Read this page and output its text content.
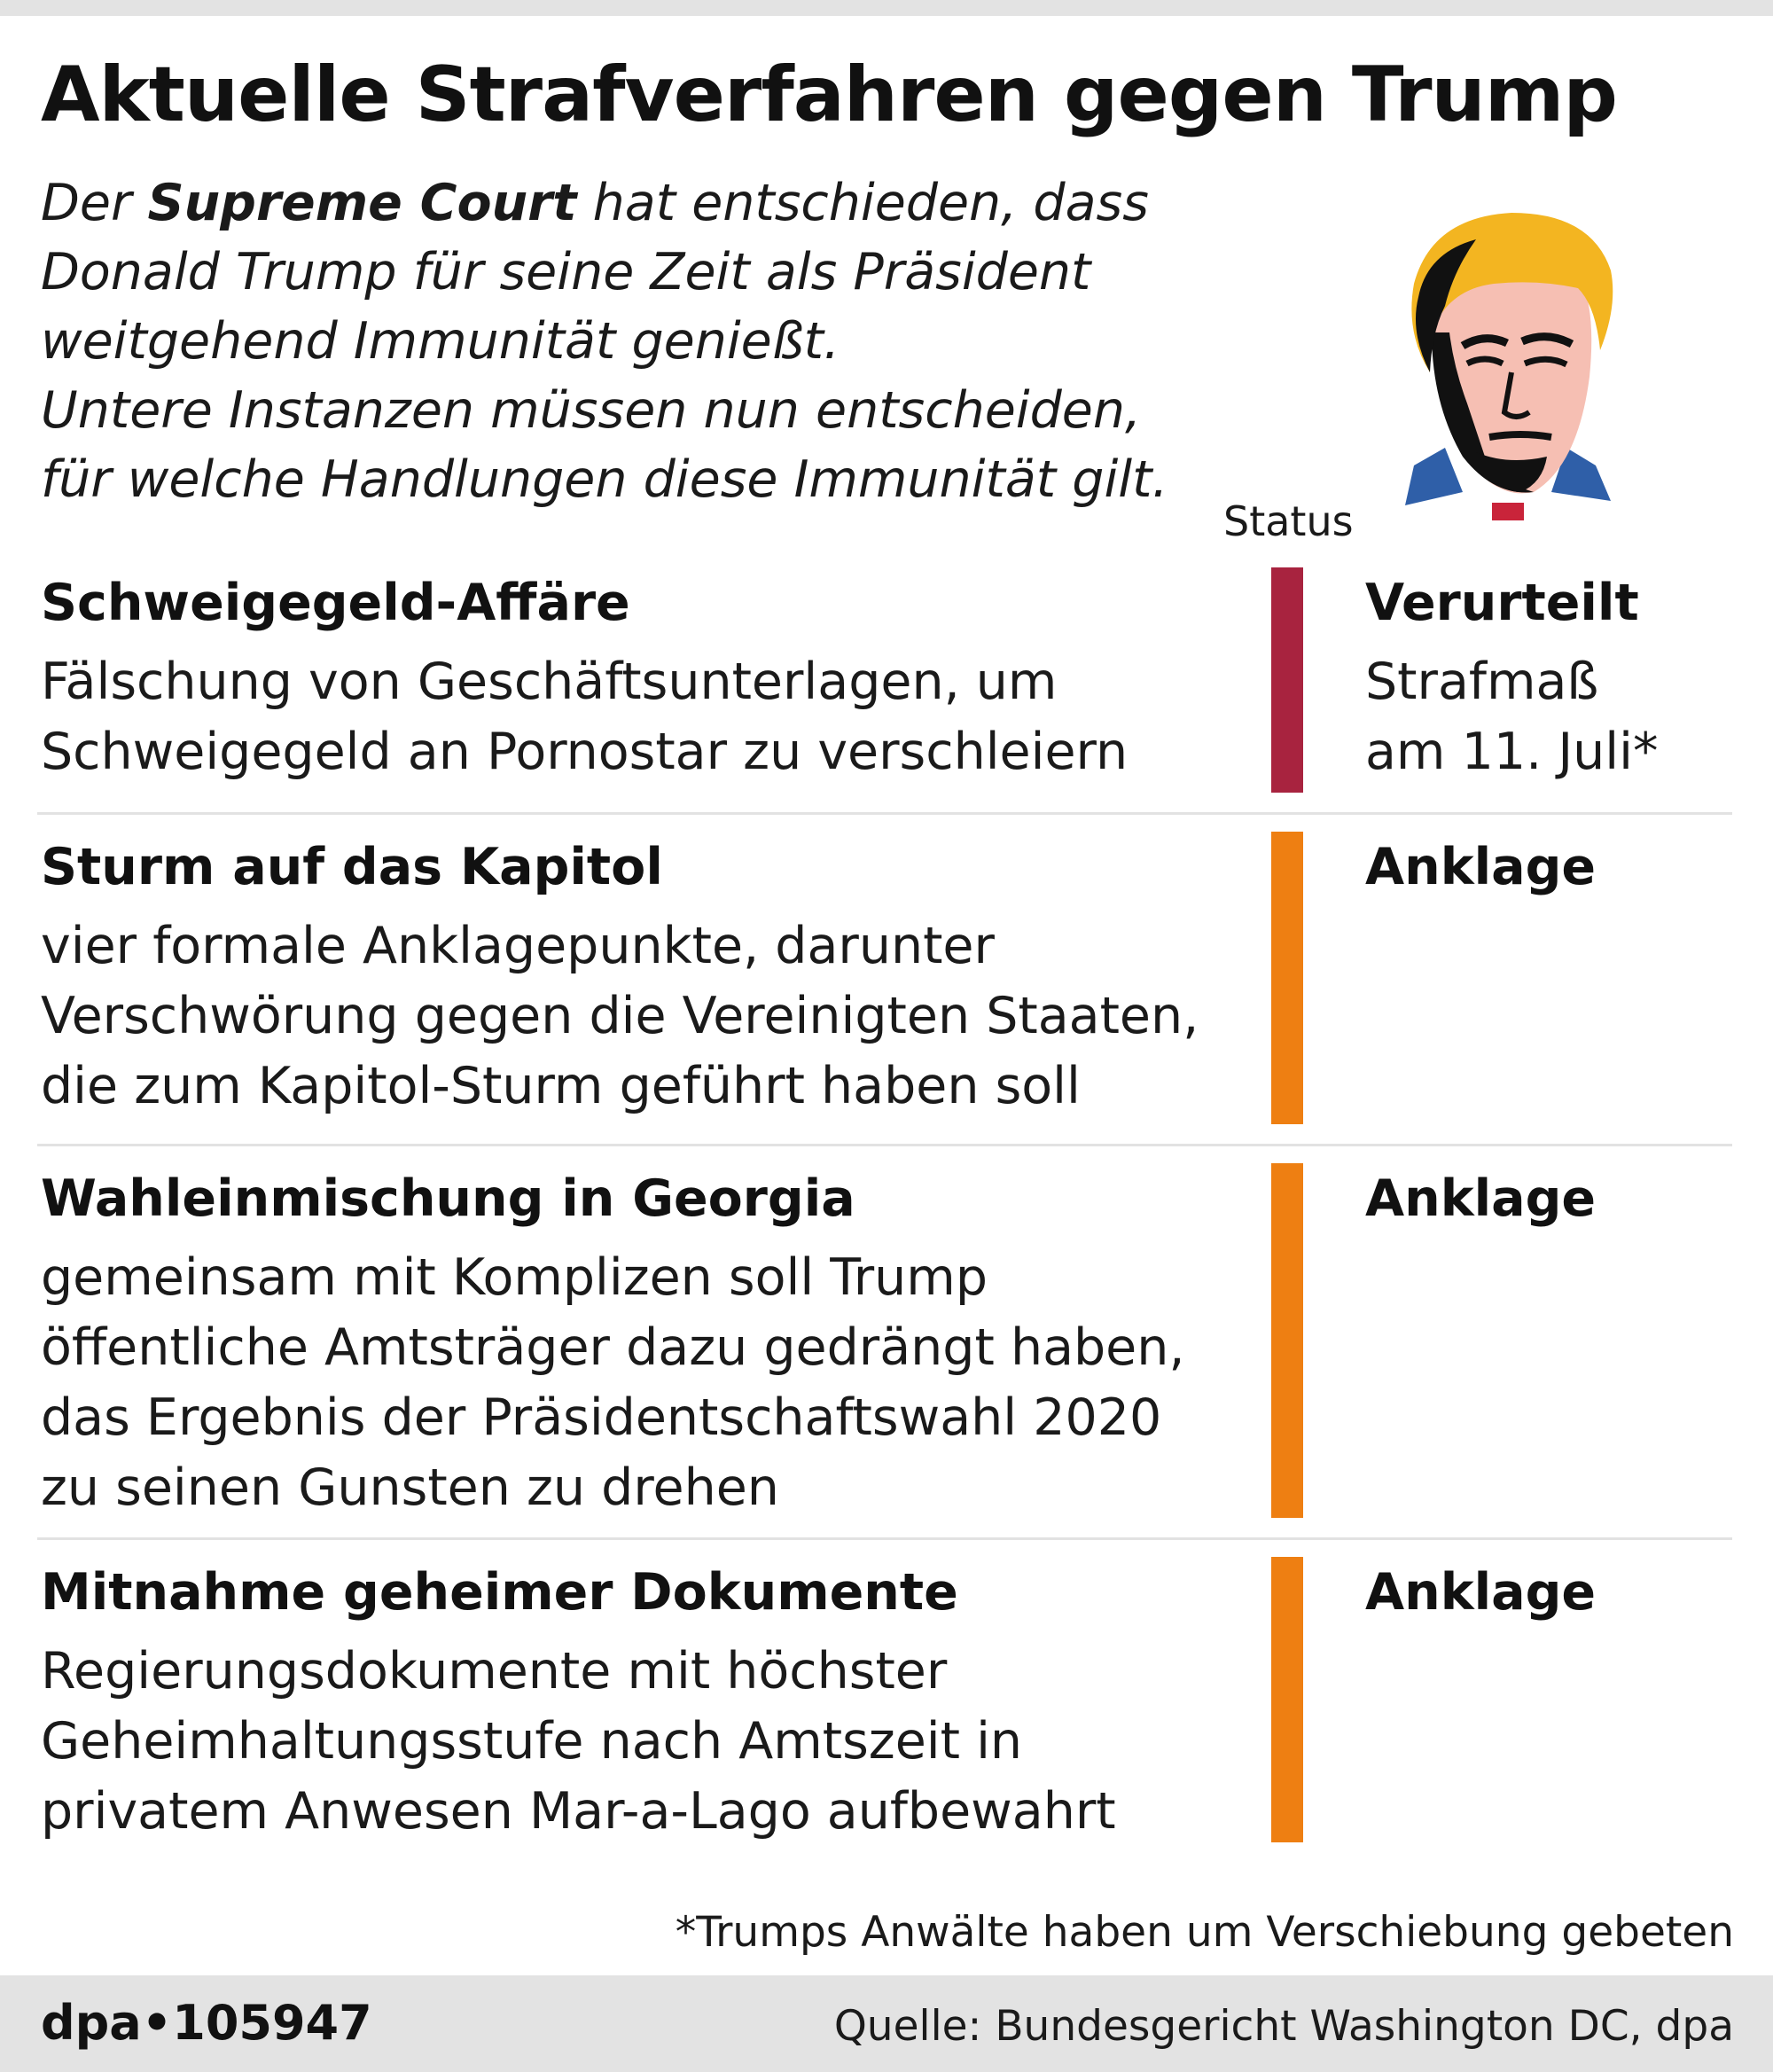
Aktuelle Strafverfahren gegen Trump
Der Supreme Court hat entschieden, dass
Donald Trump für seine Zeit als Präsident
weitgehend Immunität genießt.
Untere Instanzen müssen nun entscheiden,
für welche Handlungen diese Immunität gilt.
Status
Schweigegeld-Affäre
Fälschung von Geschäftsunterlagen, um
Schweigegeld an Pornostar zu verschleiern
Verurteilt
Strafmaß
am 11. Juli*
Sturm auf das Kapitol
vier formale Anklagepunkte, darunter
Verschwörung gegen die Vereinigten Staaten,
die zum Kapitol-Sturm geführt haben soll
Anklage
Wahleinmischung in Georgia
gemeinsam mit Komplizen soll Trump
öffentliche Amtsträger dazu gedrängt haben,
das Ergebnis der Präsidentschaftswahl 2020
zu seinen Gunsten zu drehen
Anklage
Mitnahme geheimer Dokumente
Regierungsdokumente mit höchster
Geheimhaltungsstufe nach Amtszeit in
privatem Anwesen Mar-a-Lago aufbewahrt
Anklage
*Trumps Anwälte haben um Verschiebung gebeten
dpa•105947	Quelle: Bundesgericht Washington DC, dpa
